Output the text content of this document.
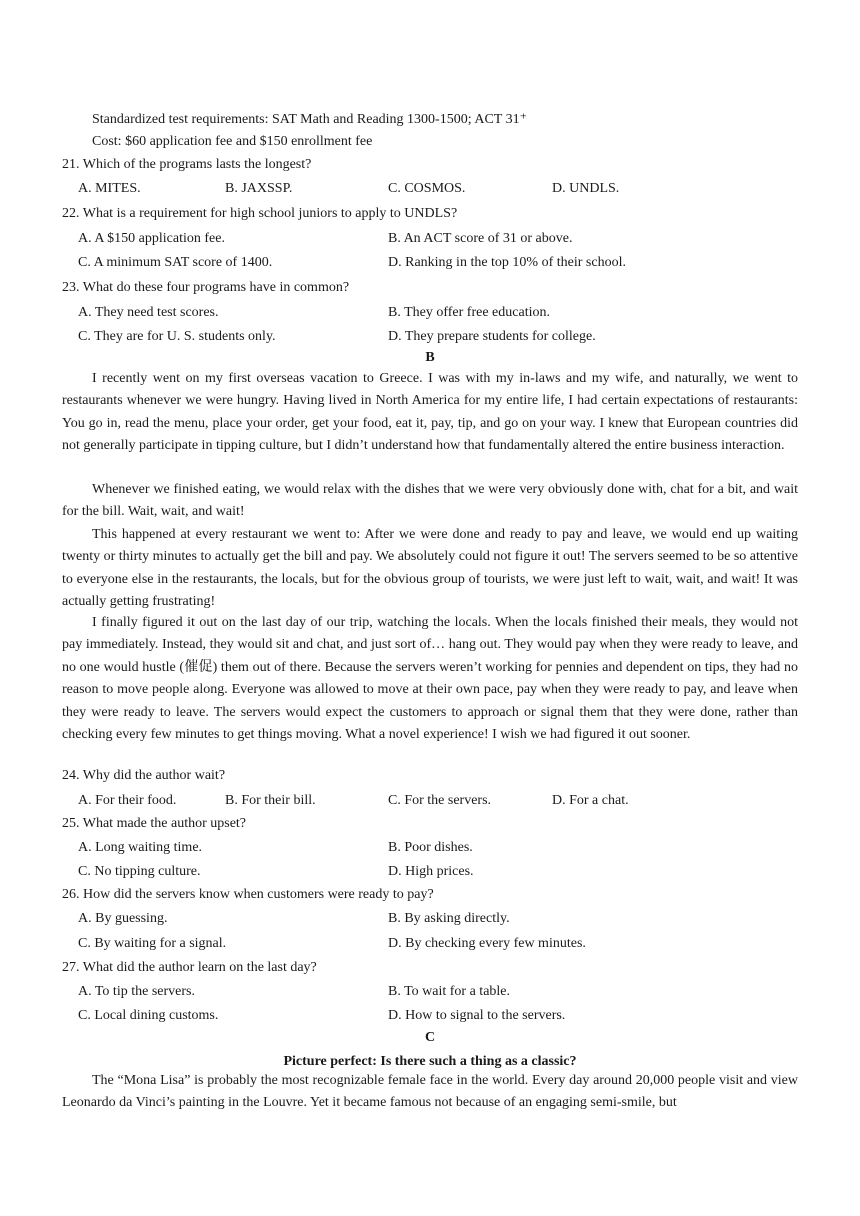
Standardized test requirements: SAT Math and Reading 1300-1500; ACT 31⁺
Cost: $60 application fee and $150 enrollment fee
21. Which of the programs lasts the longest?
A. MITES.	B. JAXSSP.	C. COSMOS.	D. UNDLS.
22. What is a requirement for high school juniors to apply to UNDLS?
A. A $150 application fee.	B. An ACT score of 31 or above.
C. A minimum SAT score of 1400.	D. Ranking in the top 10% of their school.
23. What do these four programs have in common?
A. They need test scores.	B. They offer free education.
C. They are for U. S. students only.	D. They prepare students for college.
B
I recently went on my first overseas vacation to Greece. I was with my in-laws and my wife, and naturally, we went to restaurants whenever we were hungry. Having lived in North America for my entire life, I had certain expectations of restaurants: You go in, read the menu, place your order, get your food, eat it, pay, tip, and go on your way. I knew that European countries did not generally participate in tipping culture, but I didn’t understand how that fundamentally altered the entire business interaction.
Whenever we finished eating, we would relax with the dishes that we were very obviously done with, chat for a bit, and wait for the bill. Wait, wait, and wait!
This happened at every restaurant we went to: After we were done and ready to pay and leave, we would end up waiting twenty or thirty minutes to actually get the bill and pay. We absolutely could not figure it out! The servers seemed to be so attentive to everyone else in the restaurants, the locals, but for the obvious group of tourists, we were just left to wait, wait, and wait! It was actually getting frustrating!
I finally figured it out on the last day of our trip, watching the locals. When the locals finished their meals, they would not pay immediately. Instead, they would sit and chat, and just sort of… hang out. They would pay when they were ready to leave, and no one would hustle (催促) them out of there. Because the servers weren’t working for pennies and dependent on tips, they had no reason to move people along. Everyone was allowed to move at their own pace, pay when they were ready to pay, and leave when they were ready to leave. The servers would expect the customers to approach or signal them that they were done, rather than checking every few minutes to get things moving. What a novel experience! I wish we had figured it out sooner.
24. Why did the author wait?
A. For their food.	B. For their bill.	C. For the servers.	D. For a chat.
25. What made the author upset?
A. Long waiting time.	B. Poor dishes.
C. No tipping culture.	D. High prices.
26. How did the servers know when customers were ready to pay?
A. By guessing.	B. By asking directly.
C. By waiting for a signal.	D. By checking every few minutes.
27. What did the author learn on the last day?
A. To tip the servers.	B. To wait for a table.
C. Local dining customs.	D. How to signal to the servers.
C
Picture perfect: Is there such a thing as a classic?
The “Mona Lisa” is probably the most recognizable female face in the world. Every day around 20,000 people visit and view Leonardo da Vinci’s painting in the Louvre. Yet it became famous not because of an engaging semi-smile, but
